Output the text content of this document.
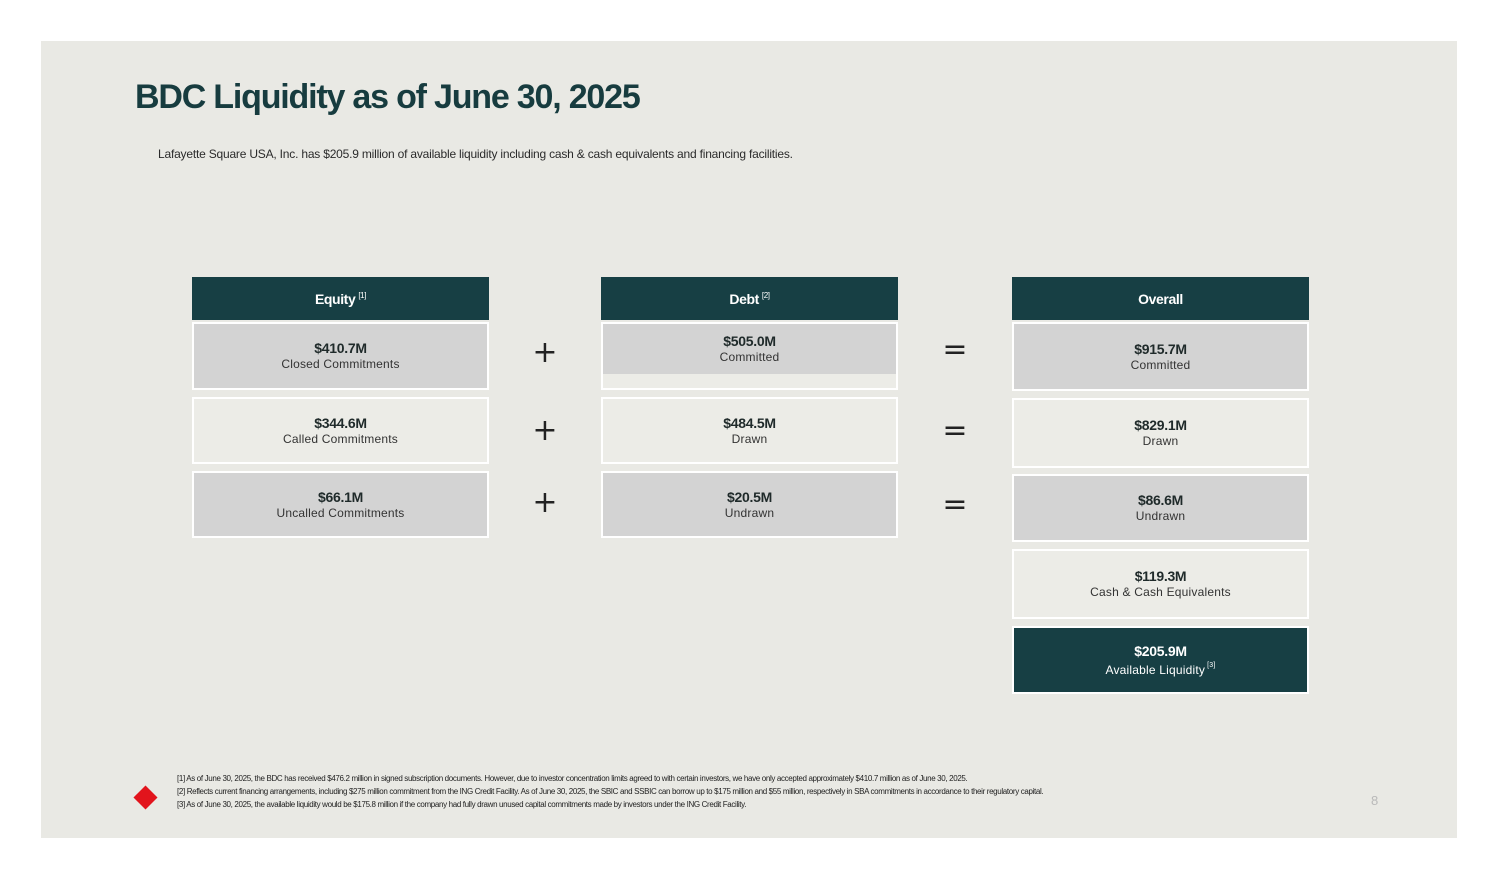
BDC Liquidity as of June 30, 2025
Lafayette Square USA, Inc. has $205.9 million of available liquidity including cash & cash equivalents and financing facilities.
Equity [1]
$410.7M
Closed Commitments
$344.6M
Called Commitments
$66.1M
Uncalled Commitments
+
+
+
Debt [2]
$505.0M
Committed
$484.5M
Drawn
$20.5M
Undrawn
=
=
=
Overall
$915.7M
Committed
$829.1M
Drawn
$86.6M
Undrawn
$119.3M
Cash & Cash Equivalents
$205.9M
Available Liquidity [3]
[1] As of June 30, 2025, the BDC has received $476.2 million in signed subscription documents. However, due to investor concentration limits agreed to with certain investors, we have only accepted approximately $410.7 million as of June 30, 2025.
[2] Reflects current financing arrangements, including $275 million commitment from the ING Credit Facility. As of June 30, 2025, the SBIC and SSBIC can borrow up to $175 million and $55 million, respectively in SBA commitments in accordance to their regulatory capital.
[3] As of June 30, 2025, the available liquidity would be $175.8 million if the company had fully drawn unused capital commitments made by investors under the ING Credit Facility.	8
